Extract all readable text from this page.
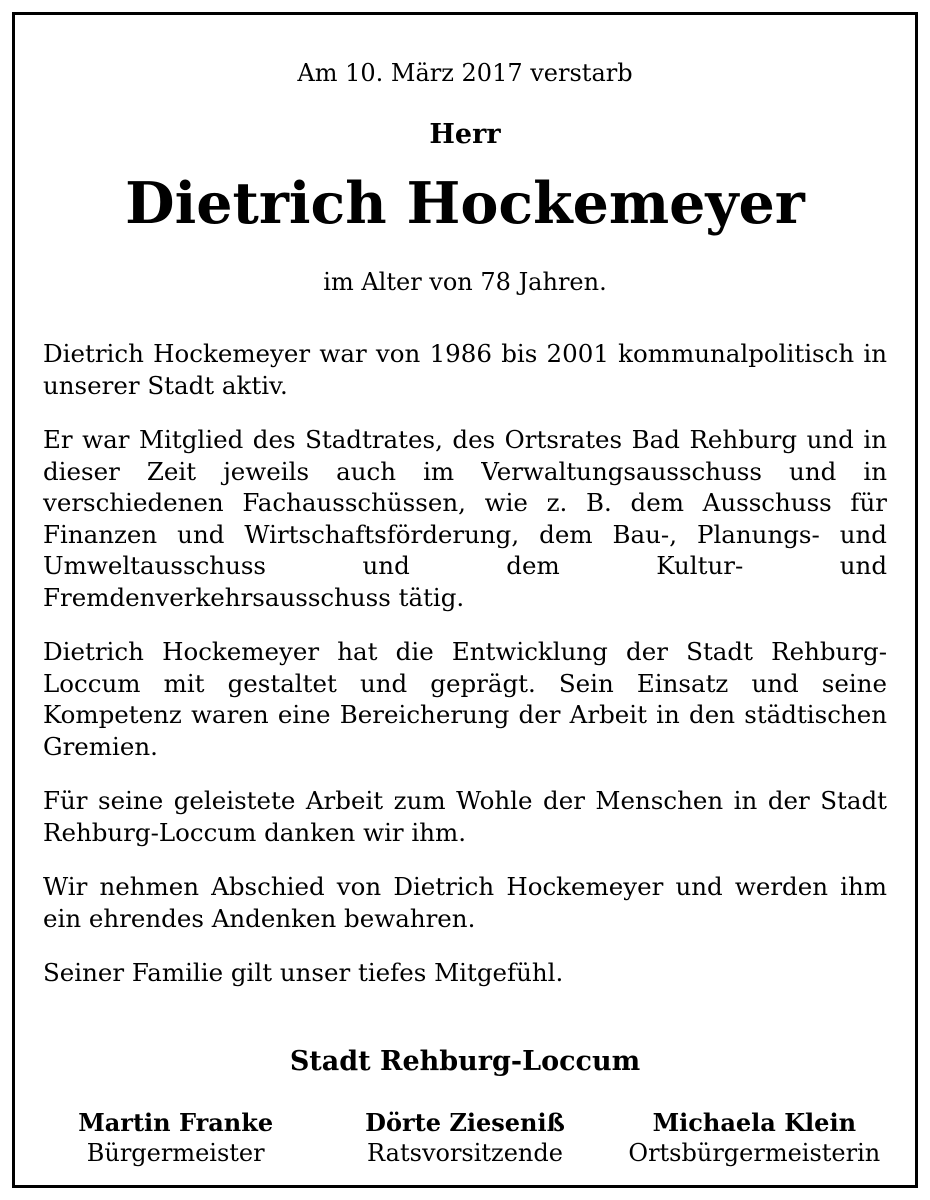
Am 10. März 2017 verstarb
Herr
Dietrich Hockemeyer
im Alter von 78 Jahren.

Dietrich Hockemeyer war von 1986 bis 2001 kommunalpolitisch in unserer Stadt aktiv.

Er war Mitglied des Stadtrates, des Ortsrates Bad Rehburg und in dieser Zeit jeweils auch im Verwaltungsausschuss und in verschiedenen Fachausschüssen, wie z. B. dem Ausschuss für Finanzen und Wirtschaftsförderung, dem Bau-, Planungs- und Umweltausschuss und dem Kultur- und Fremdenverkehrsausschuss tätig.

Dietrich Hockemeyer hat die Entwicklung der Stadt Rehburg-Loccum mit gestaltet und geprägt. Sein Einsatz und seine Kompetenz waren eine Bereicherung der Arbeit in den städtischen Gremien.

Für seine geleistete Arbeit zum Wohle der Menschen in der Stadt Rehburg-Loccum danken wir ihm.

Wir nehmen Abschied von Dietrich Hockemeyer und werden ihm ein ehrendes Andenken bewahren.

Seiner Familie gilt unser tiefes Mitgefühl.

Stadt Rehburg-Loccum
Martin Franke
Bürgermeister
Dörte Ziesenіß
Ratsvorsitzende
Michaela Klein
Ortsbürgermeisterin
